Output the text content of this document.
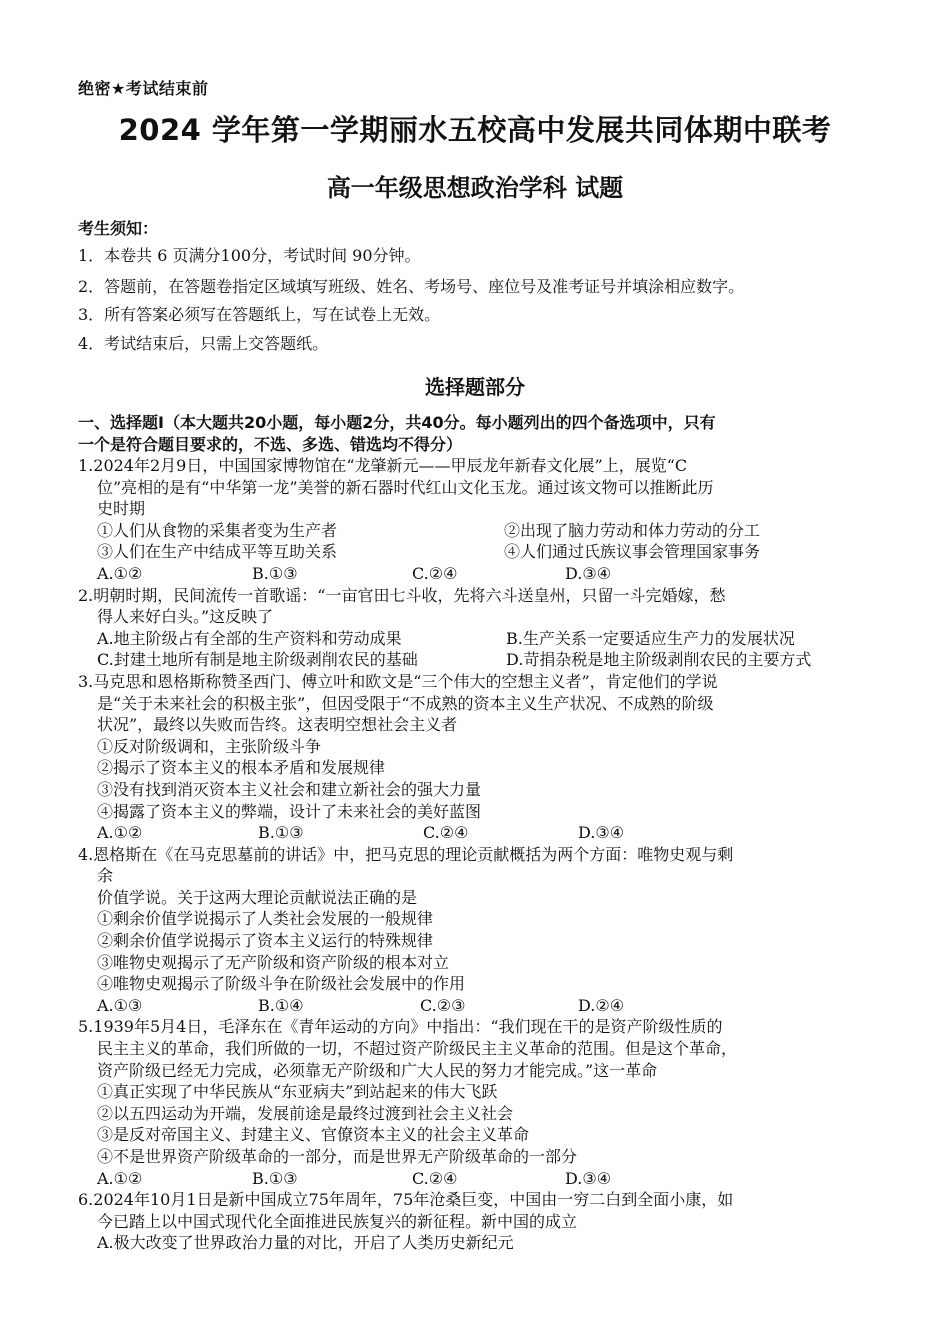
绝密★考试结束前
2024 学年第一学期丽水五校高中发展共同体期中联考
高一年级思想政治学科 试题
考生须知：
1．本卷共 6 页满分100分，考试时间 90分钟。
2．答题前，在答题卷指定区域填写班级、姓名、考场号、座位号及准考证号并填涂相应数字。
3．所有答案必须写在答题纸上，写在试卷上无效。
4．考试结束后，只需上交答题纸。
选择题部分
一、选择题Ⅰ（本大题共20小题，每小题2分，共40分。每小题列出的四个备选项中，只有
一个是符合题目要求的，不选、多选、错选均不得分）
1.2024年2月9日，中国国家博物馆在“龙肇新元——甲辰龙年新春文化展”上，展览“C
位”亮相的是有“中华第一龙”美誉的新石器时代红山文化玉龙。通过该文物可以推断此历
史时期
①人们从食物的采集者变为生产者	②出现了脑力劳动和体力劳动的分工
③人们在生产中结成平等互助关系	④人们通过氏族议事会管理国家事务
A.①②	B.①③	C.②④	D.③④
2.明朝时期，民间流传一首歌谣：“一亩官田七斗收，先将六斗送皇州，只留一斗完婚嫁，愁
得人来好白头。”这反映了
A.地主阶级占有全部的生产资料和劳动成果	B.生产关系一定要适应生产力的发展状况
C.封建土地所有制是地主阶级剥削农民的基础	D.苛捐杂税是地主阶级剥削农民的主要方式
3.马克思和恩格斯称赞圣西门、傅立叶和欧文是“三个伟大的空想主义者”，肯定他们的学说
是“关于未来社会的积极主张”，但因受限于“不成熟的资本主义生产状况、不成熟的阶级
状况”，最终以失败而告终。这表明空想社会主义者
①反对阶级调和，主张阶级斗争
②揭示了资本主义的根本矛盾和发展规律
③没有找到消灭资本主义社会和建立新社会的强大力量
④揭露了资本主义的弊端，设计了未来社会的美好蓝图
A.①②	B.①③	C.②④	D.③④
4.恩格斯在《在马克思墓前的讲话》中，把马克思的理论贡献概括为两个方面：唯物史观与剩
余
价值学说。关于这两大理论贡献说法正确的是
①剩余价值学说揭示了人类社会发展的一般规律
②剩余价值学说揭示了资本主义运行的特殊规律
③唯物史观揭示了无产阶级和资产阶级的根本对立
④唯物史观揭示了阶级斗争在阶级社会发展中的作用
A.①③	B.①④	C.②③	D.②④
5.1939年5月4日，毛泽东在《青年运动的方向》中指出：“我们现在干的是资产阶级性质的
民主主义的革命，我们所做的一切，不超过资产阶级民主主义革命的范围。但是这个革命，
资产阶级已经无力完成，必须靠无产阶级和广大人民的努力才能完成。”这一革命
①真正实现了中华民族从“东亚病夫”到站起来的伟大飞跃
②以五四运动为开端，发展前途是最终过渡到社会主义社会
③是反对帝国主义、封建主义、官僚资本主义的社会主义革命
④不是世界资产阶级革命的一部分，而是世界无产阶级革命的一部分
A.①②	B.①③	C.②④	D.③④
6.2024年10月1日是新中国成立75年周年，75年沧桑巨变，中国由一穷二白到全面小康，如
今已踏上以中国式现代化全面推进民族复兴的新征程。新中国的成立
A.极大改变了世界政治力量的对比，开启了人类历史新纪元
